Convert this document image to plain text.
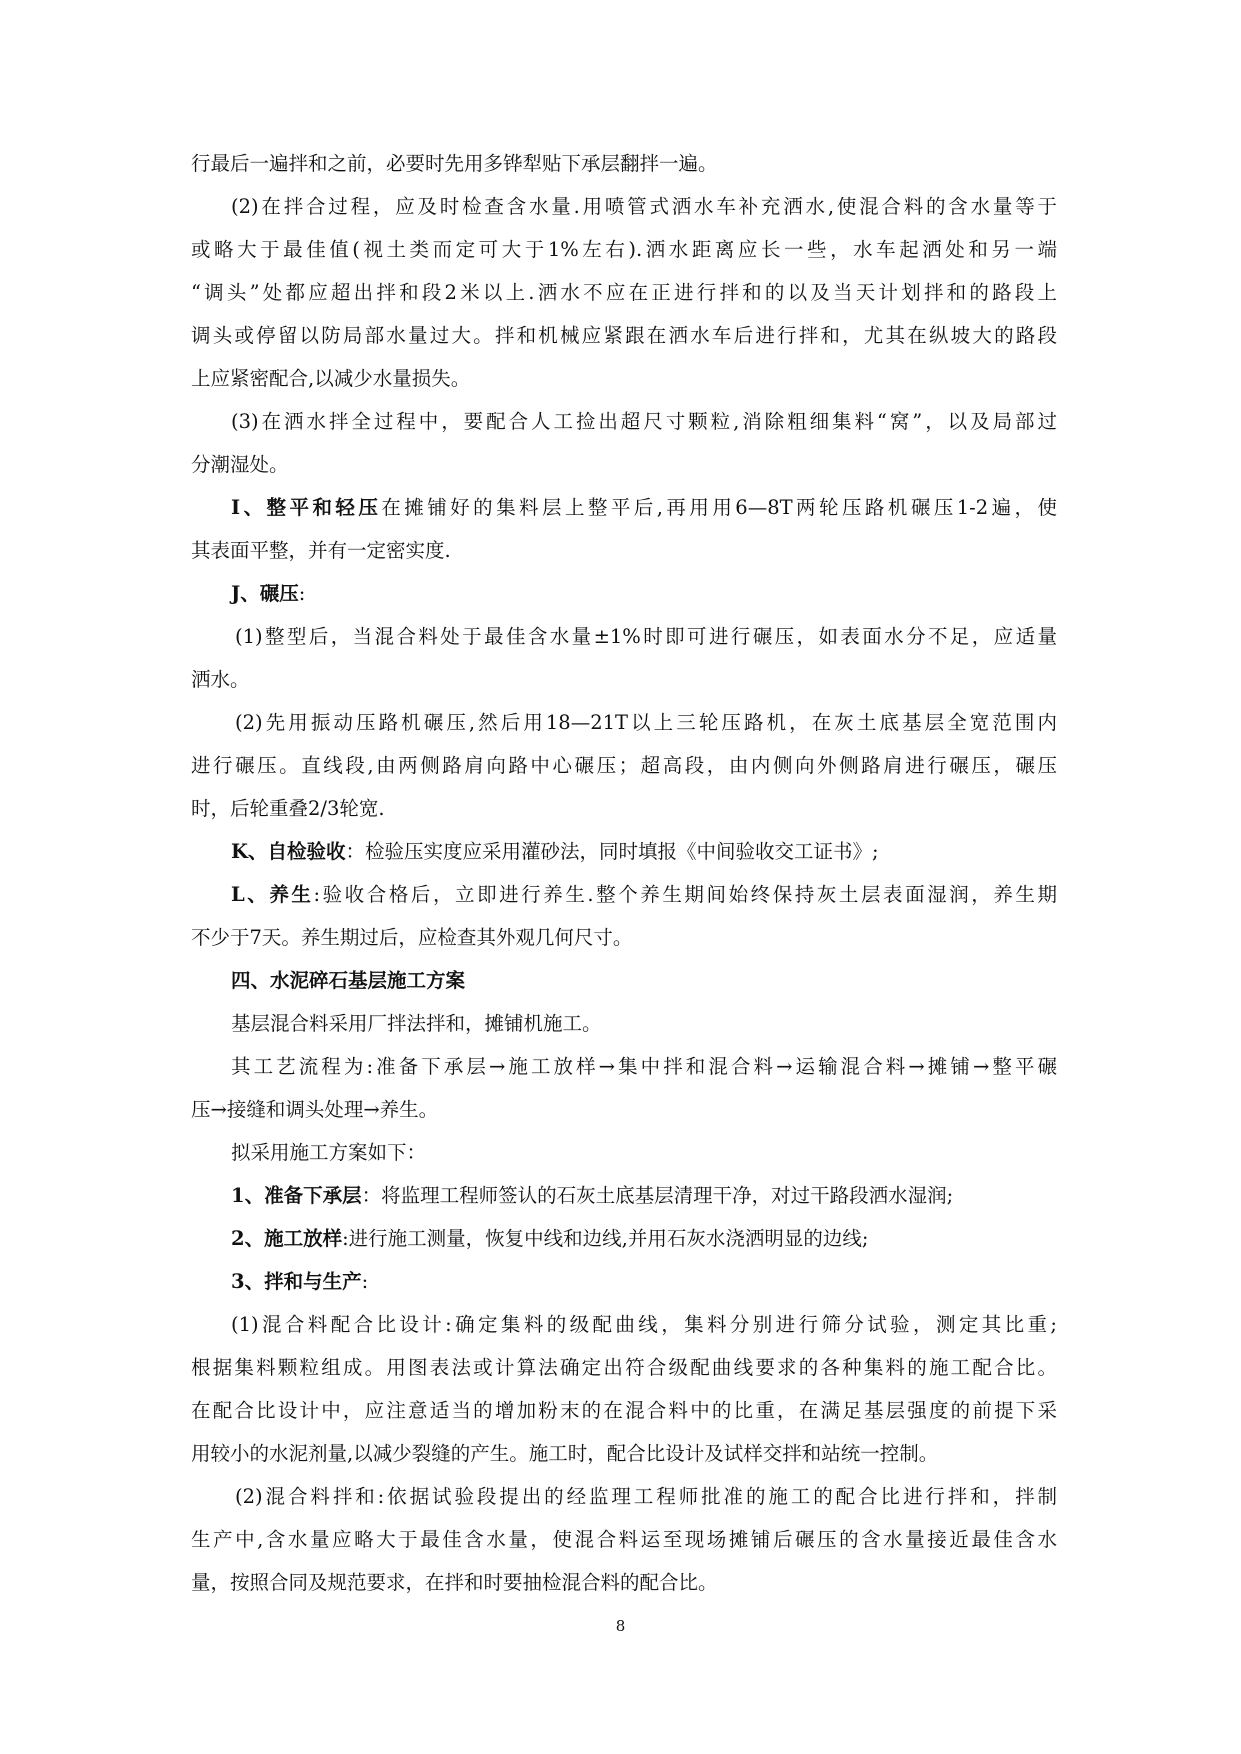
行最后一遍拌和之前，必要时先用多铧犁贴下承层翻拌一遍。
(2)在拌合过程，应及时检查含水量.用喷管式洒水车补充洒水,使混合料的含水量等于
或略大于最佳值(视土类而定可大于1%左右).洒水距离应长一些，水车起洒处和另一端
“调头”处都应超出拌和段2米以上.洒水不应在正进行拌和的以及当天计划拌和的路段上
调头或停留以防局部水量过大。拌和机械应紧跟在洒水车后进行拌和，尤其在纵坡大的路段
上应紧密配合,以减少水量损失。
(3)在洒水拌全过程中，要配合人工捡出超尺寸颗粒,消除粗细集料“窝”，以及局部过
分潮湿处。
I、整平和轻压在摊铺好的集料层上整平后,再用用6—8T两轮压路机碾压1-2遍，使
其表面平整，并有一定密实度.
J、碾压:
(1)整型后，当混合料处于最佳含水量±1%时即可进行碾压，如表面水分不足，应适量
洒水。
(2)先用振动压路机碾压,然后用18—21T以上三轮压路机，在灰土底基层全宽范围内
进行碾压。直线段,由两侧路肩向路中心碾压；超高段，由内侧向外侧路肩进行碾压，碾压
时，后轮重叠2/3轮宽.
K、自检验收：检验压实度应采用灌砂法，同时填报《中间验收交工证书》;
L、养生:验收合格后，立即进行养生.整个养生期间始终保持灰土层表面湿润，养生期
不少于7天。养生期过后，应检查其外观几何尺寸。
四、水泥碎石基层施工方案
基层混合料采用厂拌法拌和，摊铺机施工。
其工艺流程为:准备下承层→施工放样→集中拌和混合料→运输混合料→摊铺→整平碾
压→接缝和调头处理→养生。
拟采用施工方案如下：
1、准备下承层：将监理工程师签认的石灰土底基层清理干净，对过干路段洒水湿润;
2、施工放样:进行施工测量，恢复中线和边线,并用石灰水浇洒明显的边线;
3、拌和与生产:
(1)混合料配合比设计:确定集料的级配曲线，集料分别进行筛分试验，测定其比重;
根据集料颗粒组成。用图表法或计算法确定出符合级配曲线要求的各种集料的施工配合比。
在配合比设计中，应注意适当的增加粉末的在混合料中的比重，在满足基层强度的前提下采
用较小的水泥剂量,以减少裂缝的产生。施工时，配合比设计及试样交拌和站统一控制。
(2)混合料拌和:依据试验段提出的经监理工程师批准的施工的配合比进行拌和，拌制
生产中,含水量应略大于最佳含水量，使混合料运至现场摊铺后碾压的含水量接近最佳含水
量，按照合同及规范要求，在拌和时要抽检混合料的配合比。
8
